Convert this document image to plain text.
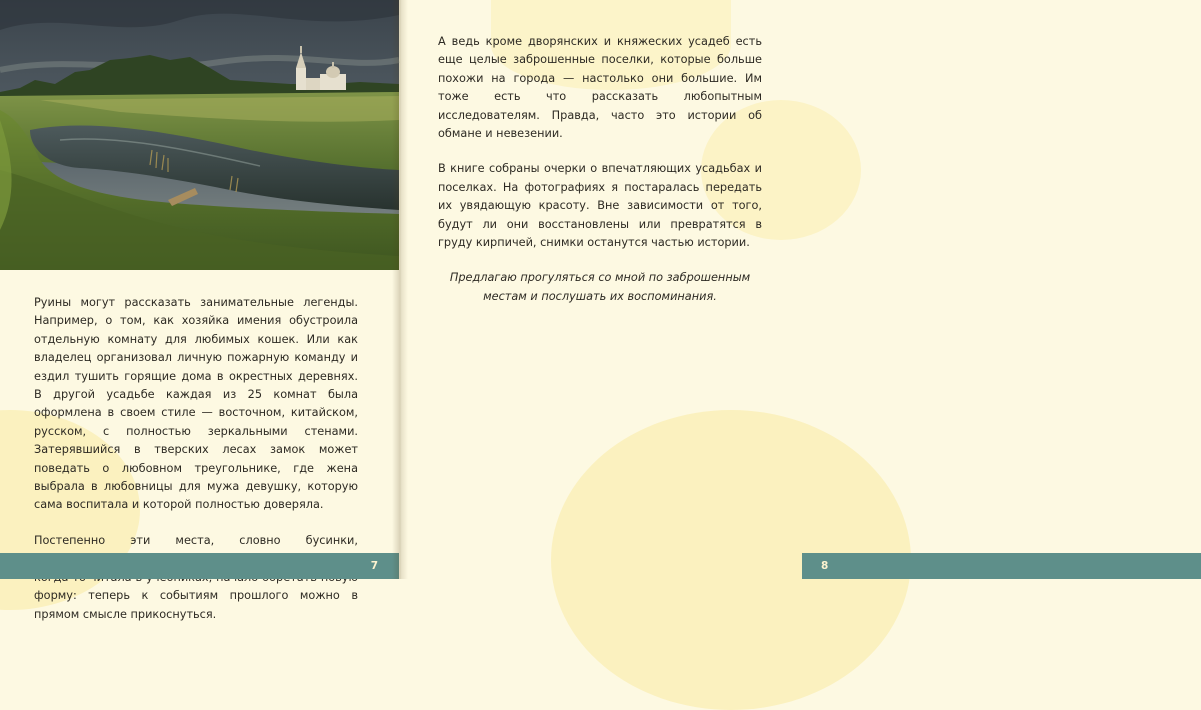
Руины могут рассказать занимательные легенды. Например, о том, как хозяйка имения обустроила отдельную комнату для любимых кошек. Или как владелец организовал личную пожарную команду и ездил тушить горящие дома в окрестных деревнях. В другой усадьбе каждая из 25 комнат была оформлена в своем стиле — восточном, китайском, русском, с полностью зеркальными стенами. Затерявшийся в тверских лесах замок может поведать о любовном треугольнике, где жена выбрала в любовницы для мужа девушку, которую сама воспитала и которой полностью доверяла.

Постепенно эти места, словно бусинки, форму: теперь к событиям прошлого можно в прямом смысле прикоснуться.

7

А ведь кроме дворянских и княжеских усадеб есть еще целые заброшенные поселки, которые больше похожи на города — настолько они большие. Им тоже есть что рассказать любопытным исследователям. Правда, часто это истории об обмане и невезении.

В книге собраны очерки о впечатляющих усадьбах и поселках. На фотографиях я постаралась передать их увядающую красоту. Вне зависимости от того, будут ли они восстановлены или превратятся в груду кирпичей, снимки останутся частью истории.

Предлагаю прогуляться со мной по заброшенным местам и послушать их воспоминания.

8
